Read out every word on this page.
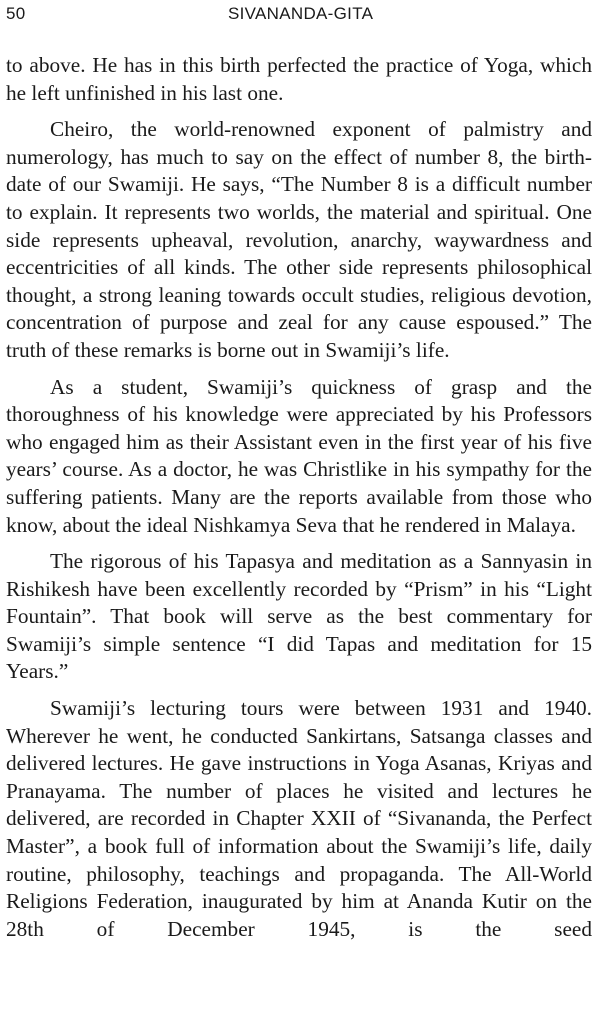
50	SIVANANDA-GITA

to above. He has in this birth perfected the practice of Yoga, which he left unfinished in his last one.

Cheiro, the world-renowned exponent of palmistry and numerology, has much to say on the effect of number 8, the birth-date of our Swamiji. He says, “The Number 8 is a difficult number to explain. It represents two worlds, the material and spiritual. One side represents upheaval, revolution, anarchy, waywardness and eccentricities of all kinds. The other side represents philosophical thought, a strong leaning towards occult studies, religious devotion, concentration of purpose and zeal for any cause espoused.” The truth of these remarks is borne out in Swamiji’s life.

As a student, Swamiji’s quickness of grasp and the thoroughness of his knowledge were appreciated by his Professors who engaged him as their Assistant even in the first year of his five years’ course. As a doctor, he was Christlike in his sympathy for the suffering patients. Many are the reports available from those who know, about the ideal Nishkamya Seva that he rendered in Malaya.

The rigorous of his Tapasya and meditation as a Sannyasin in Rishikesh have been excellently recorded by “Prism” in his “Light Fountain”. That book will serve as the best commentary for Swamiji’s simple sentence “I did Tapas and meditation for 15 Years.”

Swamiji’s lecturing tours were between 1931 and 1940. Wherever he went, he conducted Sankirtans, Satsanga classes and delivered lectures. He gave instructions in Yoga Asanas, Kriyas and Pranayama. The number of places he visited and lectures he delivered, are recorded in Chapter XXII of “Sivananda, the Perfect Master”, a book full of information about the Swamiji’s life, daily routine, philosophy, teachings and propaganda. The All-World Religions Federation, inaugurated by him at Ananda Kutir on the 28th of December 1945, is the seed
